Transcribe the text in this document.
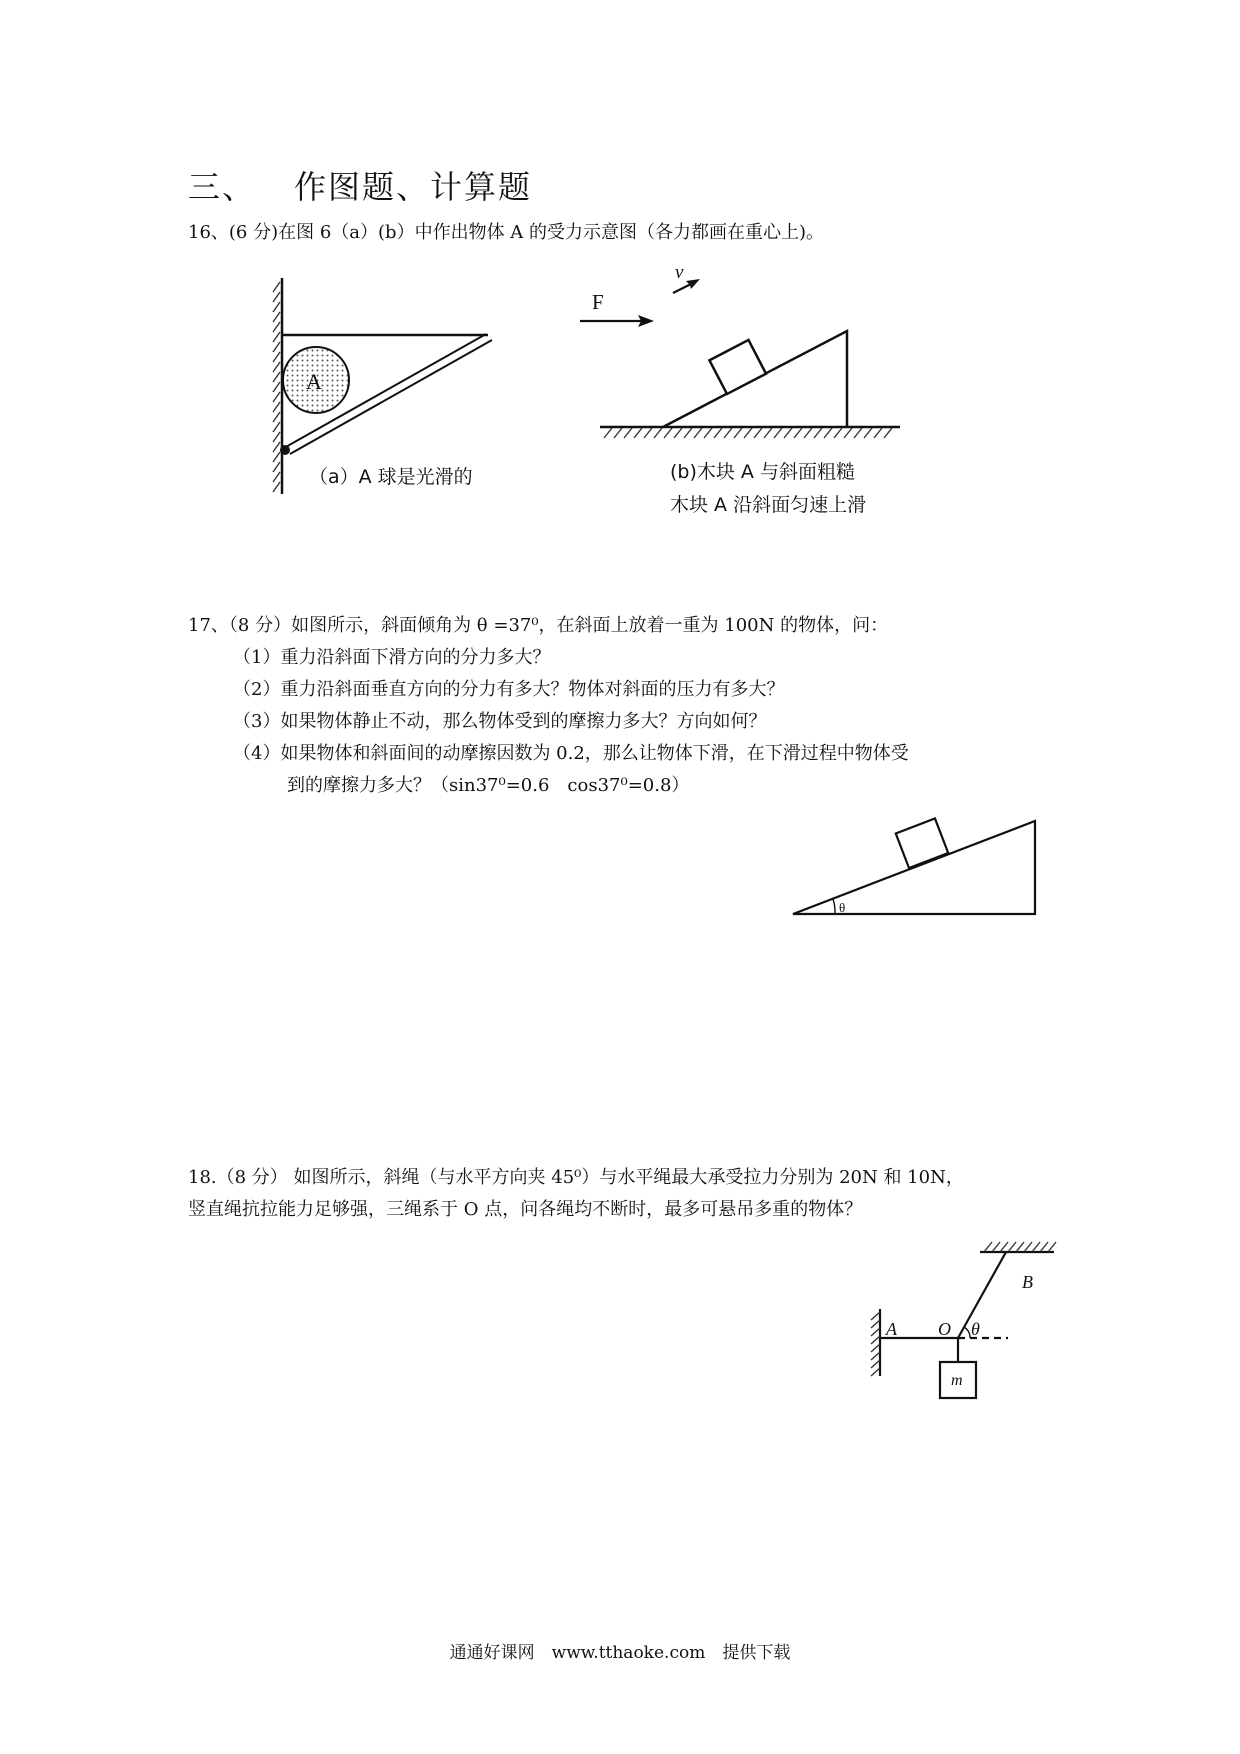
三、 作图题、计算题
16、(6 分)在图 6（a）(b）中作出物体 A 的受力示意图（各力都画在重心上)。
A
（a）A 球是光滑的
F
v
(b)木块 A 与斜面粗糙
木块 A 沿斜面匀速上滑
17、（8 分）如图所示，斜面倾角为 θ =37⁰，在斜面上放着一重为 100N 的物体，问：
（1）重力沿斜面下滑方向的分力多大？
（2）重力沿斜面垂直方向的分力有多大？物体对斜面的压力有多大？
（3）如果物体静止不动，那么物体受到的摩擦力多大？方向如何？
（4）如果物体和斜面间的动摩擦因数为 0.2，那么让物体下滑，在下滑过程中物体受
到的摩擦力多大？（sin37⁰=0.6　cos37⁰=0.8）
θ
18.（8 分） 如图所示，斜绳（与水平方向夹 45⁰）与水平绳最大承受拉力分别为 20N 和 10N，
竖直绳抗拉能力足够强，三绳系于 O 点，问各绳均不断时，最多可悬吊多重的物体？
A O θ
B
m
通通好课网　www.tthaoke.com　提供下载
